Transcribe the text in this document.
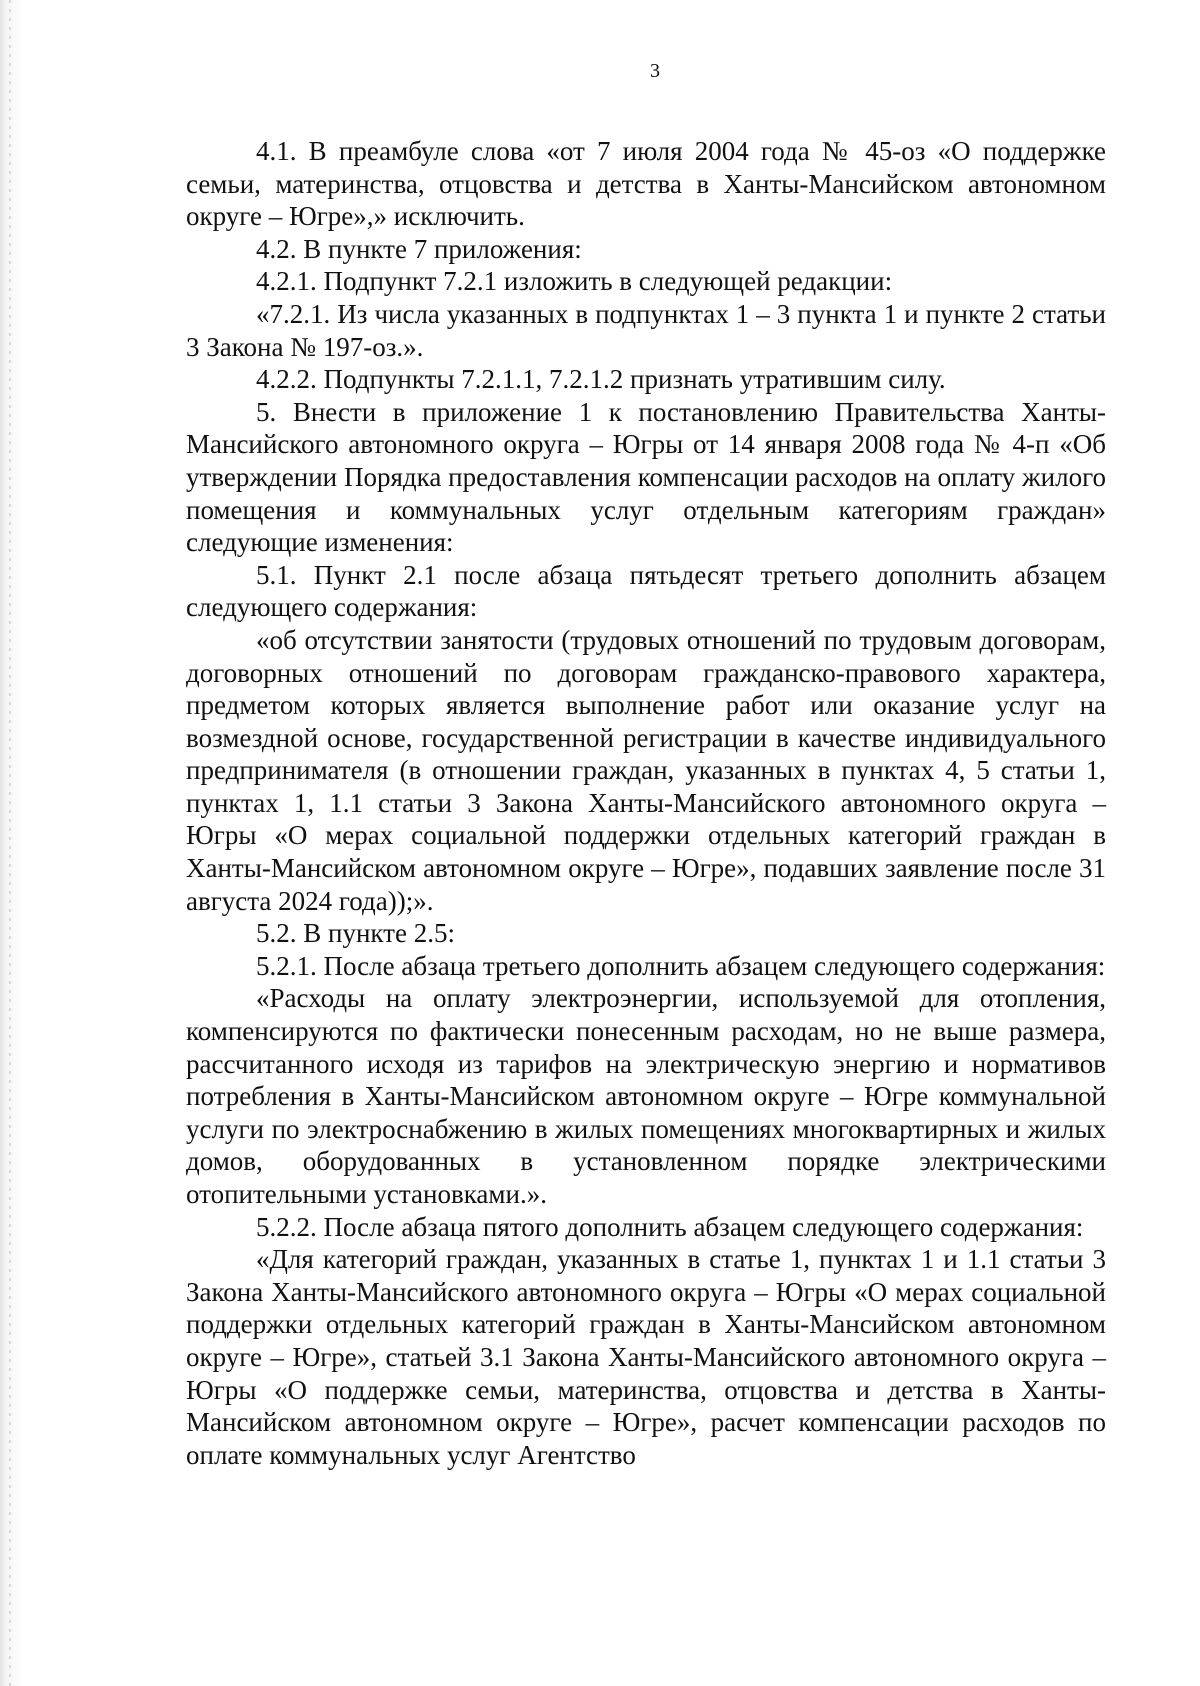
3

4.1. В преамбуле слова «от 7 июля 2004 года № 45-оз «О поддержке семьи, материнства, отцовства и детства в Ханты-Мансийском автономном округе – Югре»,» исключить.

4.2. В пункте 7 приложения:

4.2.1. Подпункт 7.2.1 изложить в следующей редакции:

«7.2.1. Из числа указанных в подпунктах 1 – 3 пункта 1 и пункте 2 статьи 3 Закона № 197-оз.».

4.2.2. Подпункты 7.2.1.1, 7.2.1.2 признать утратившим силу.

5. Внести в приложение 1 к постановлению Правительства Ханты-Мансийского автономного округа – Югры от 14 января 2008 года № 4-п «Об утверждении Порядка предоставления компенсации расходов на оплату жилого помещения и коммунальных услуг отдельным категориям граждан» следующие изменения:

5.1. Пункт 2.1 после абзаца пятьдесят третьего дополнить абзацем следующего содержания:

«об отсутствии занятости (трудовых отношений по трудовым договорам, договорных отношений по договорам гражданско-правового характера, предметом которых является выполнение работ или оказание услуг на возмездной основе, государственной регистрации в качестве индивидуального предпринимателя (в отношении граждан, указанных в пунктах 4, 5 статьи 1, пунктах 1, 1.1 статьи 3 Закона Ханты-Мансийского автономного округа – Югры «О мерах социальной поддержки отдельных категорий граждан в Ханты-Мансийском автономном округе – Югре», подавших заявление после 31 августа 2024 года));».

5.2. В пункте 2.5:

5.2.1. После абзаца третьего дополнить абзацем следующего содержания:

«Расходы на оплату электроэнергии, используемой для отопления, компенсируются по фактически понесенным расходам, но не выше размера, рассчитанного исходя из тарифов на электрическую энергию и нормативов потребления в Ханты-Мансийском автономном округе – Югре коммунальной услуги по электроснабжению в жилых помещениях многоквартирных и жилых домов, оборудованных в установленном порядке электрическими отопительными установками.».

5.2.2. После абзаца пятого дополнить абзацем следующего содержания:

«Для категорий граждан, указанных в статье 1, пунктах 1 и 1.1 статьи 3 Закона Ханты-Мансийского автономного округа – Югры «О мерах социальной поддержки отдельных категорий граждан в Ханты-Мансийском автономном округе – Югре», статьей 3.1 Закона Ханты-Мансийского автономного округа – Югры «О поддержке семьи, материнства, отцовства и детства в Ханты-Мансийском автономном округе – Югре», расчет компенсации расходов по оплате коммунальных услуг Агентство
